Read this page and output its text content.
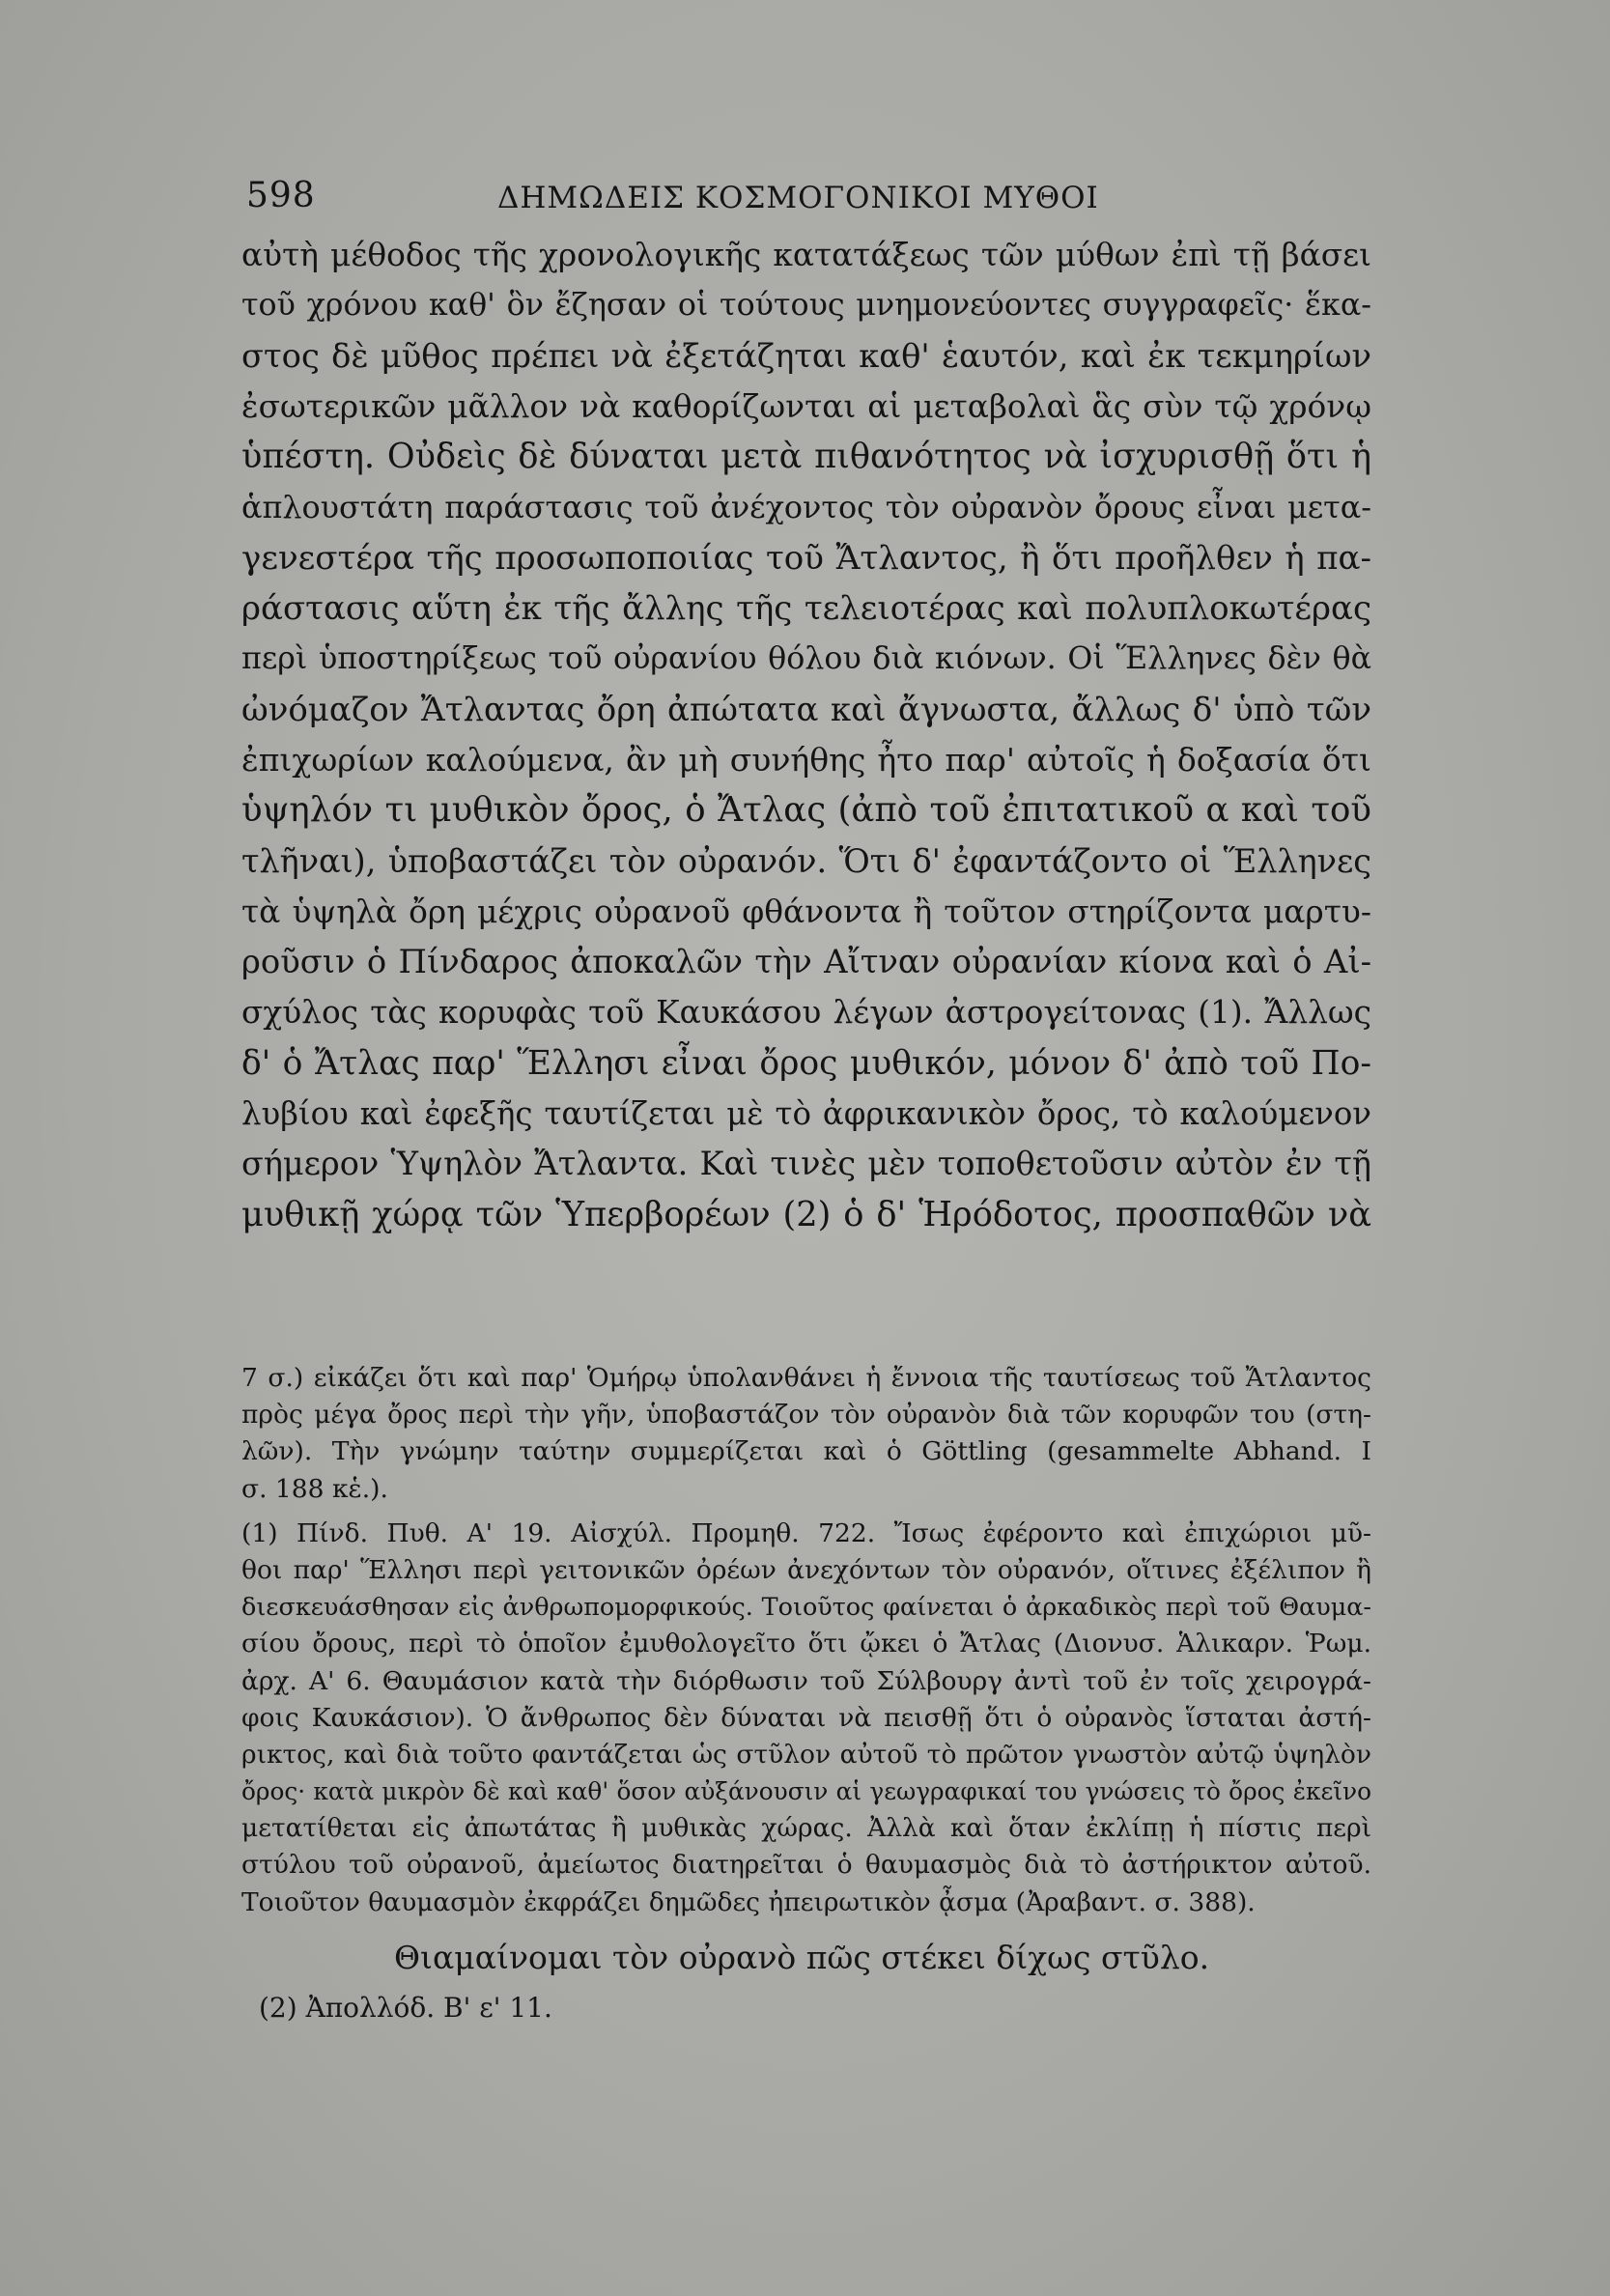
598	ΔΗΜΩΔΕΙΣ ΚΟΣΜΟΓΟΝΙΚΟΙ ΜΥΘΟΙ
αὐτὴ μέθοδος τῆς χρονολογικῆς κατατάξεως τῶν μύθων ἐπὶ τῇ βάσει
τοῦ χρόνου καθ' ὃν ἔζησαν οἱ τούτους μνημονεύοντες συγγραφεῖς· ἕκα-
στος δὲ μῦθος πρέπει νὰ ἐξετάζηται καθ' ἑαυτόν, καὶ ἐκ τεκμηρίων
ἐσωτερικῶν μᾶλλον νὰ καθορίζωνται αἱ μεταβολαὶ ἃς σὺν τῷ χρόνῳ
ὑπέστη. Οὐδεὶς δὲ δύναται μετὰ πιθανότητος νὰ ἰσχυρισθῇ ὅτι ἡ
ἁπλουστάτη παράστασις τοῦ ἀνέχοντος τὸν οὐρανὸν ὄρους εἶναι μετα-
γενεστέρα τῆς προσωποποιίας τοῦ Ἄτλαντος, ἢ ὅτι προῆλθεν ἡ πα-
ράστασις αὕτη ἐκ τῆς ἄλλης τῆς τελειοτέρας καὶ πολυπλοκωτέρας
περὶ ὑποστηρίξεως τοῦ οὐρανίου θόλου διὰ κιόνων. Οἱ Ἕλληνες δὲν θὰ
ὠνόμαζον Ἄτλαντας ὄρη ἀπώτατα καὶ ἄγνωστα, ἄλλως δ' ὑπὸ τῶν
ἐπιχωρίων καλούμενα, ἂν μὴ συνήθης ἦτο παρ' αὐτοῖς ἡ δοξασία ὅτι
ὑψηλόν τι μυθικὸν ὄρος, ὁ Ἄτλας (ἀπὸ τοῦ ἐπιτατικοῦ α καὶ τοῦ
τλῆναι), ὑποβαστάζει τὸν οὐρανόν. Ὅτι δ' ἐφαντάζοντο οἱ Ἕλληνες
τὰ ὑψηλὰ ὄρη μέχρις οὐρανοῦ φθάνοντα ἢ τοῦτον στηρίζοντα μαρτυ-
ροῦσιν ὁ Πίνδαρος ἀποκαλῶν τὴν Αἴτναν οὐρανίαν κίονα καὶ ὁ Αἰ-
σχύλος τὰς κορυφὰς τοῦ Καυκάσου λέγων ἀστρογείτονας (1). Ἄλλως
δ' ὁ Ἄτλας παρ' Ἕλλησι εἶναι ὄρος μυθικόν, μόνον δ' ἀπὸ τοῦ Πο-
λυβίου καὶ ἐφεξῆς ταυτίζεται μὲ τὸ ἀφρικανικὸν ὄρος, τὸ καλούμενον
σήμερον Ὑψηλὸν Ἄτλαντα. Καὶ τινὲς μὲν τοποθετοῦσιν αὐτὸν ἐν τῇ
μυθικῇ χώρᾳ τῶν Ὑπερβορέων (2) ὁ δ' Ἡρόδοτος, προσπαθῶν νὰ
7 σ.) εἰκάζει ὅτι καὶ παρ' Ὁμήρῳ ὑπολανθάνει ἡ ἔννοια τῆς ταυτίσεως τοῦ Ἄτλαντος
πρὸς μέγα ὄρος περὶ τὴν γῆν, ὑποβαστάζον τὸν οὐρανὸν διὰ τῶν κορυφῶν του (στη-
λῶν). Τὴν γνώμην ταύτην συμμερίζεται καὶ ὁ Göttling (gesammelte Abhand. I
σ. 188 κἑ.).
(1) Πίνδ. Πυθ. Α' 19. Αἰσχύλ. Προμηθ. 722. Ἴσως ἐφέροντο καὶ ἐπιχώριοι μῦ-
θοι παρ' Ἕλλησι περὶ γειτονικῶν ὀρέων ἀνεχόντων τὸν οὐρανόν, οἵτινες ἐξέλιπον ἢ
διεσκευάσθησαν εἰς ἀνθρωπομορφικούς. Τοιοῦτος φαίνεται ὁ ἀρκαδικὸς περὶ τοῦ Θαυμα-
σίου ὄρους, περὶ τὸ ὁποῖον ἐμυθολογεῖτο ὅτι ᾤκει ὁ Ἄτλας (Διονυσ. Ἁλικαρν. Ῥωμ.
ἀρχ. Α' 6. Θαυμάσιον κατὰ τὴν διόρθωσιν τοῦ Σύλβουργ ἀντὶ τοῦ ἐν τοῖς χειρογρά-
φοις Καυκάσιον). Ὁ ἄνθρωπος δὲν δύναται νὰ πεισθῇ ὅτι ὁ οὐρανὸς ἵσταται ἀστή-
ρικτος, καὶ διὰ τοῦτο φαντάζεται ὡς στῦλον αὐτοῦ τὸ πρῶτον γνωστὸν αὐτῷ ὑψηλὸν
ὄρος· κατὰ μικρὸν δὲ καὶ καθ' ὅσον αὐξάνουσιν αἱ γεωγραφικαί του γνώσεις τὸ ὄρος ἐκεῖνο
μετατίθεται εἰς ἀπωτάτας ἢ μυθικὰς χώρας. Ἀλλὰ καὶ ὅταν ἐκλίπῃ ἡ πίστις περὶ
στύλου τοῦ οὐρανοῦ, ἀμείωτος διατηρεῖται ὁ θαυμασμὸς διὰ τὸ ἀστήρικτον αὐτοῦ.
Τοιοῦτον θαυμασμὸν ἐκφράζει δημῶδες ἠπειρωτικὸν ᾆσμα (Ἀραβαντ. σ. 388).
Θιαμαίνομαι τὸν οὐρανὸ πῶς στέκει δίχως στῦλο.
(2) Ἀπολλόδ. Β' ε' 11.
